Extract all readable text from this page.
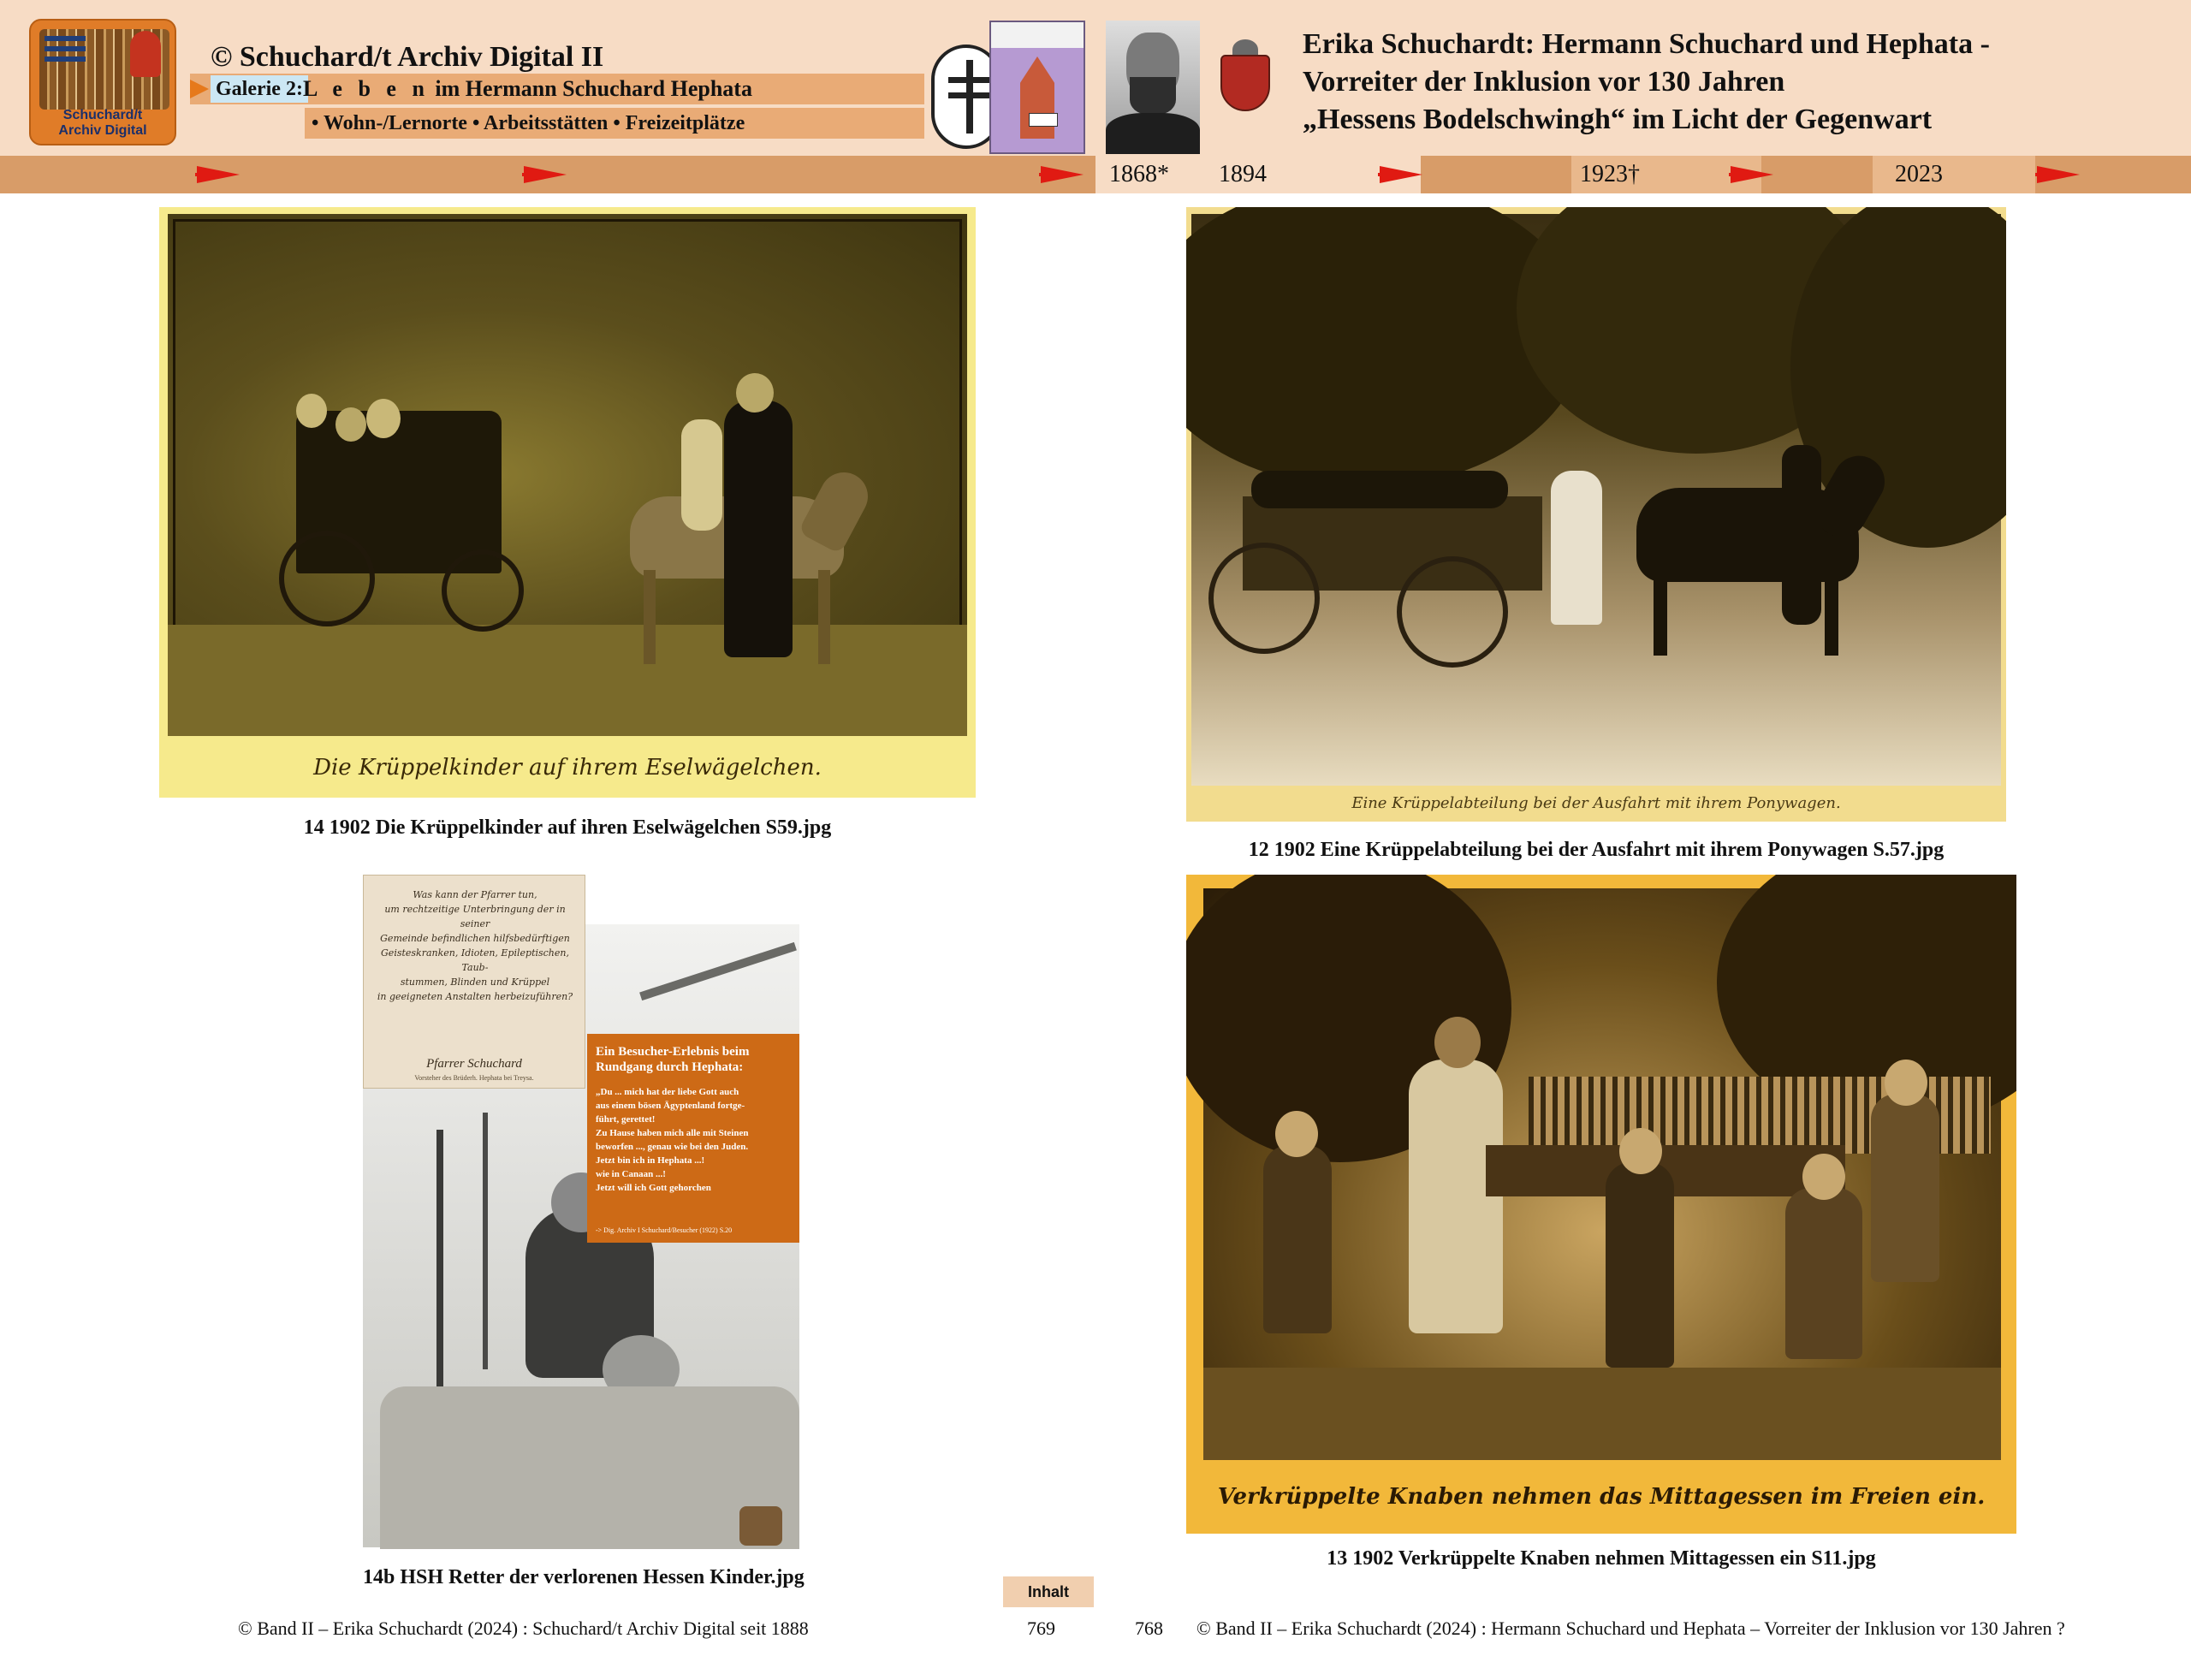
Schuchard/t
Archiv Digital
© Schuchard/t Archiv Digital II
Galerie 2: L e b e n im Hermann Schuchard Hephata
• Wohn-/Lernorte • Arbeitsstätten • Freizeitplätze
Erika Schuchardt: Hermann Schuchard und Hephata -
Vorreiter der Inklusion vor 130 Jahren
„Hessens Bodelschwingh“ im Licht der Gegenwart
1868* 1894	1923†	2023
Die Krüppelkinder auf ihrem Eselwägelchen.
14 1902 Die Krüppelkinder auf ihren Eselwägelchen S59.jpg
Eine Krüppelabteilung bei der Ausfahrt mit ihrem Ponywagen.
12 1902 Eine Krüppelabteilung bei der Ausfahrt mit ihrem Ponywagen S.57.jpg
Was kann der Pfarrer tun,
um rechtzeitige Unterbringung der in seiner
Gemeinde befindlichen hilfsbedürftigen
Geisteskranken, Idioten, Epileptischen, Taub-
stummen, Blinden und Krüppel
in geeigneten Anstalten herbeizuführen?
Pfarrer Schuchard
Vorsteher des Brüderh. Hephata bei Treysa.
Ein Besucher-Erlebnis beim Rundgang durch Hephata:
„Du ... mich hat der liebe Gott auch
aus einem bösen Ägyptenland fortge-
führt, gerettet!
Zu Hause haben mich alle mit Steinen
beworfen ..., genau wie bei den Juden.
Jetzt bin ich in Hephata ...!
wie in Canaan ...!
Jetzt will ich Gott gehorchen
-> Dig. Archiv I Schuchard/Besucher (1922) S.20
14b HSH Retter der verlorenen Hessen Kinder.jpg
Verkrüppelte Knaben nehmen das Mittagessen im Freien ein.
13 1902 Verkrüppelte Knaben nehmen Mittagessen ein S11.jpg
Inhalt
© Band II – Erika Schuchardt (2024) : Schuchard/t Archiv Digital seit 1888	769	768 © Band II – Erika Schuchardt (2024) : Hermann Schuchard und Hephata – Vorreiter der Inklusion vor 130 Jahren ?
